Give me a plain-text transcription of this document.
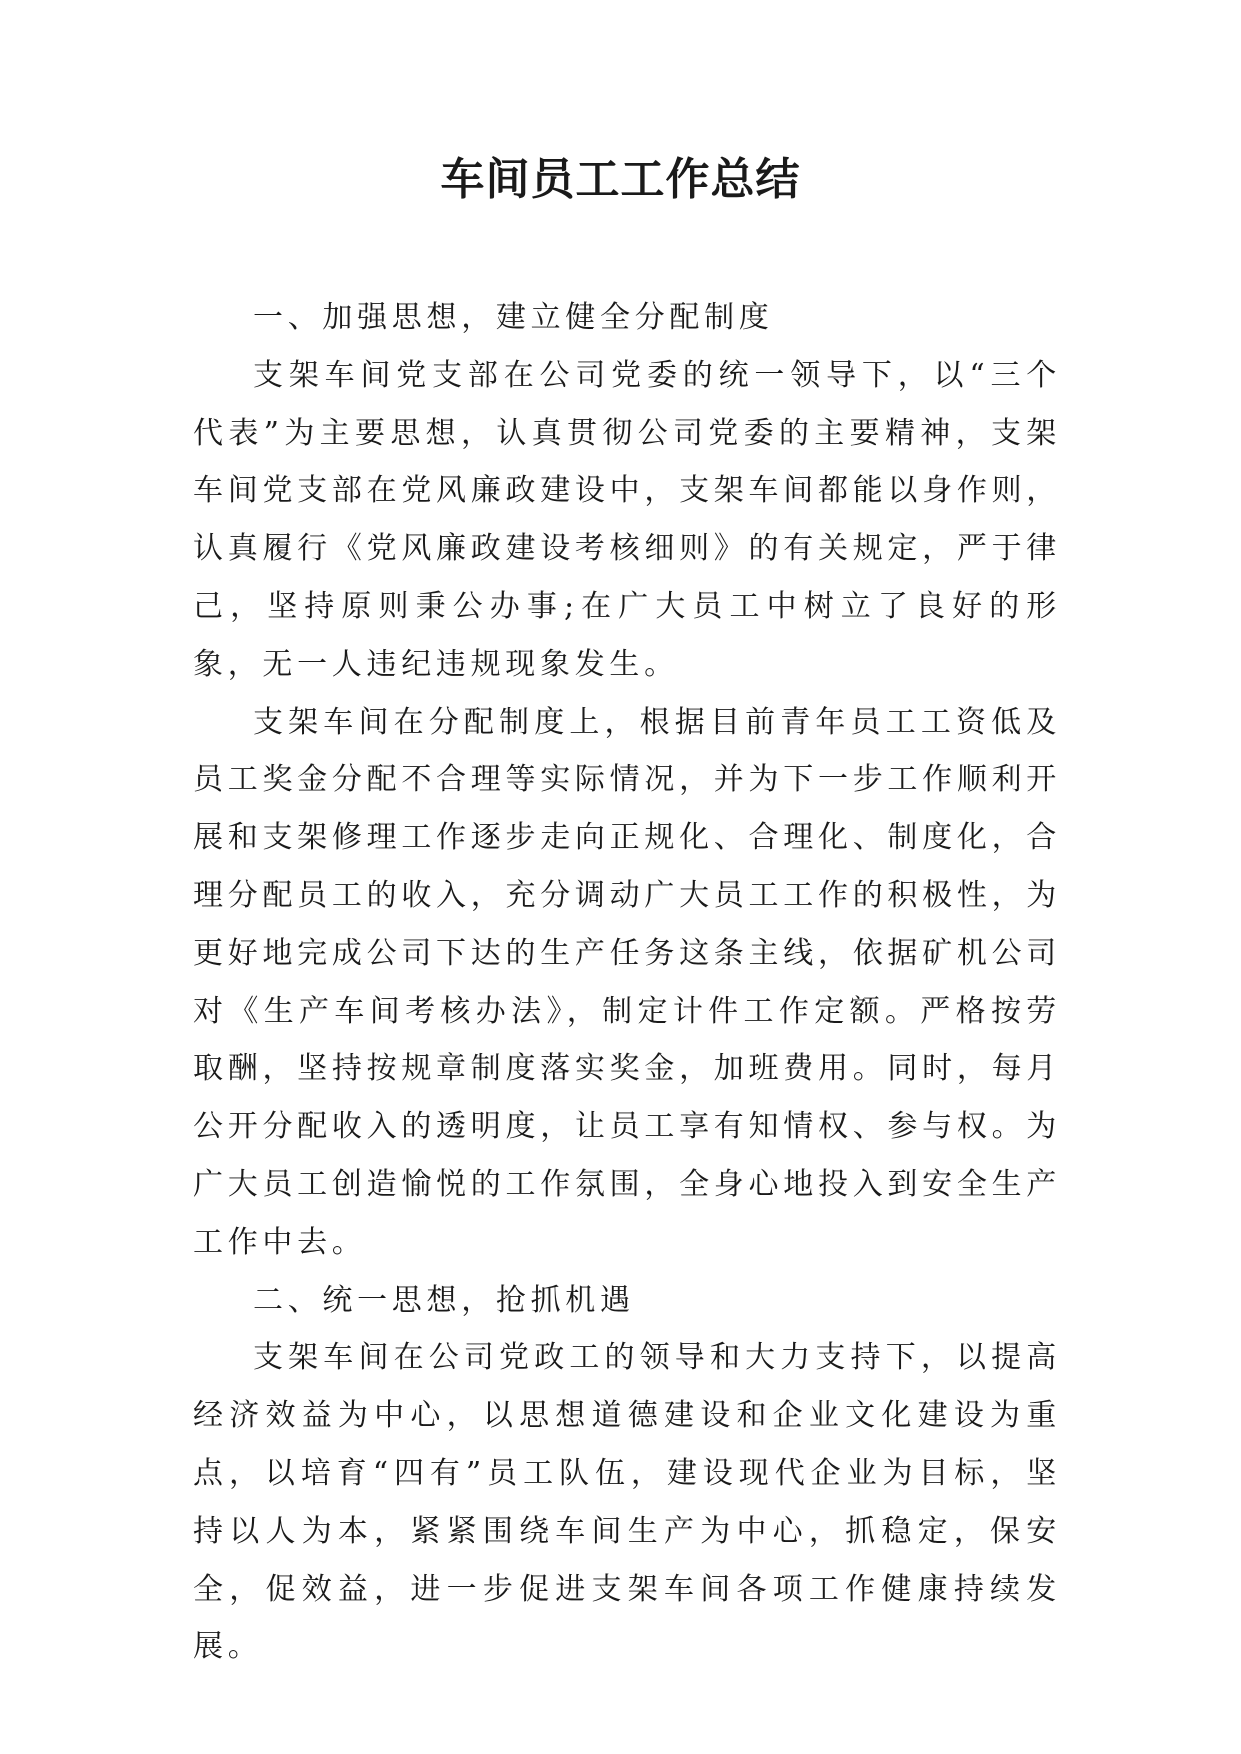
车间员工工作总结

一、加强思想，建立健全分配制度

支架车间党支部在公司党委的统一领导下，以“三个代表”为主要思想，认真贯彻公司党委的主要精神，支架车间党支部在党风廉政建设中，支架车间都能以身作则，认真履行《党风廉政建设考核细则》的有关规定，严于律己，坚持原则秉公办事;在广大员工中树立了良好的形象，无一人违纪违规现象发生。

支架车间在分配制度上，根据目前青年员工工资低及员工奖金分配不合理等实际情况，并为下一步工作顺利开展和支架修理工作逐步走向正规化、合理化、制度化，合理分配员工的收入，充分调动广大员工工作的积极性，为更好地完成公司下达的生产任务这条主线，依据矿机公司对《生产车间考核办法》，制定计件工作定额。严格按劳取酬，坚持按规章制度落实奖金，加班费用。同时，每月公开分配收入的透明度，让员工享有知情权、参与权。为广大员工创造愉悦的工作氛围，全身心地投入到安全生产工作中去。

二、统一思想，抢抓机遇

支架车间在公司党政工的领导和大力支持下，以提高经济效益为中心，以思想道德建设和企业文化建设为重点，以培育“四有”员工队伍，建设现代企业为目标，坚持以人为本，紧紧围绕车间生产为中心，抓稳定，保安全，促效益，进一步促进支架车间各项工作健康持续发展。
